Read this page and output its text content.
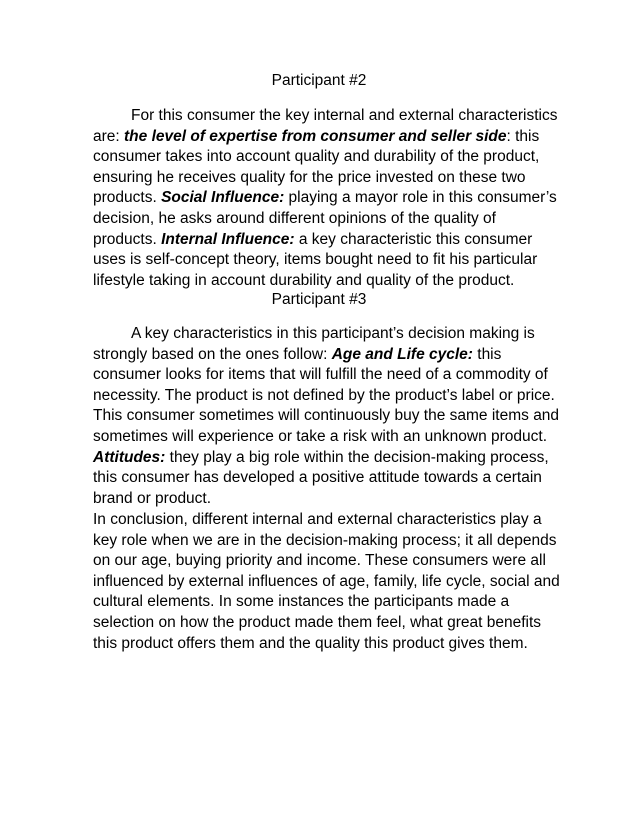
Participant #2

For this consumer the key internal and external characteristics are: the level of expertise from consumer and seller side: this consumer takes into account quality and durability of the product, ensuring he receives quality for the price invested on these two products. Social Influence: playing a mayor role in this consumer’s decision, he asks around different opinions of the quality of products. Internal Influence: a key characteristic this consumer uses is self-concept theory, items bought need to fit his particular lifestyle taking in account durability and quality of the product.

Participant #3

A key characteristics in this participant’s decision making is strongly based on the ones follow: Age and Life cycle: this consumer looks for items that will fulfill the need of a commodity of necessity. The product is not defined by the product’s label or price. This consumer sometimes will continuously buy the same items and sometimes will experience or take a risk with an unknown product. Attitudes: they play a big role within the decision-making process, this consumer has developed a positive attitude towards a certain brand or product.

In conclusion, different internal and external characteristics play a key role when we are in the decision-making process; it all depends on our age, buying priority and income. These consumers were all influenced by external influences of age, family, life cycle, social and cultural elements. In some instances the participants made a selection on how the product made them feel, what great benefits this product offers them and the quality this product gives them.
